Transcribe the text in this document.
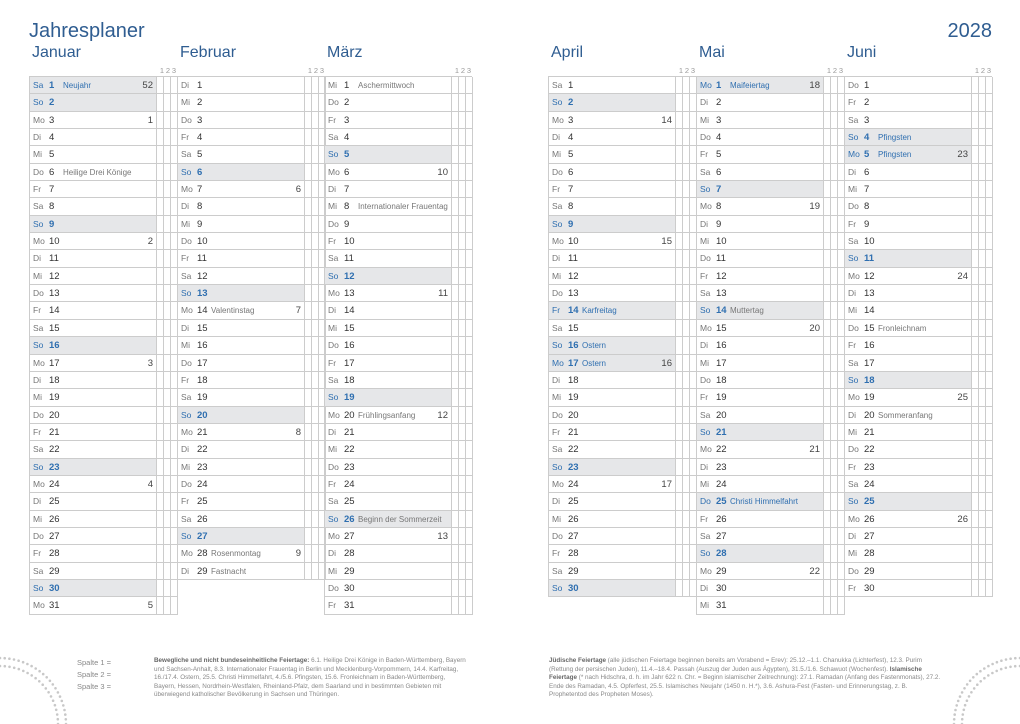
Jahresplaner	2028
Januar
1 2 3
Sa 1 Neujahr	52
So 2
Mo 3	1
Di 4
Mi 5
Do 6 Heilige Drei Könige
Fr 7
Sa 8
So 9
Mo 10	2
Di 11
Mi 12
Do 13
Fr 14
Sa 15
So 16
Mo 17	3
Di 18
Mi 19
Do 20
Fr 21
Sa 22
So 23
Mo 24	4
Di 25
Mi 26
Do 27
Fr 28
Sa 29
So 30
Mo 31	5
Februar
1 2 3
Di 1
Mi 2
Do 3
Fr 4
Sa 5
So 6
Mo 7	6
Di 8
Mi 9
Do 10
Fr 11
Sa 12
So 13
Mo 14 Valentinstag	7
Di 15
Mi 16
Do 17
Fr 18
Sa 19
So 20
Mo 21	8
Di 22
Mi 23
Do 24
Fr 25
Sa 26
So 27
Mo 28 Rosenmontag	9
Di 29 Fastnacht
März
1 2 3
Mi 1 Aschermittwoch
Do 2
Fr 3
Sa 4
So 5
Mo 6	10
Di 7
Mi 8 Internationaler Frauentag
Do 9
Fr 10
Sa 11
So 12
Mo 13	11
Di 14
Mi 15
Do 16
Fr 17
Sa 18
So 19
Mo 20 Frühlingsanfang 12
Di 21
Mi 22
Do 23
Fr 24
Sa 25
So 26 Beginn der Sommerzeit
Mo 27	13
Di 28
Mi 29
Do 30
Fr 31
April
1 2 3
Sa 1
So 2
Mo 3	14
Di 4
Mi 5
Do 6
Fr 7
Sa 8
So 9
Mo 10	15
Di 11
Mi 12
Do 13
Fr 14 Karfreitag
Sa 15
So 16 Ostern
Mo 17 Ostern	16
Di 18
Mi 19
Do 20
Fr 21
Sa 22
So 23
Mo 24	17
Di 25
Mi 26
Do 27
Fr 28
Sa 29
So 30
Mai
1 2 3
Mo 1 Maifeiertag	18
Di 2
Mi 3
Do 4
Fr 5
Sa 6
So 7
Mo 8	19
Di 9
Mi 10
Do 11
Fr 12
Sa 13
So 14 Muttertag
Mo 15	20
Di 16
Mi 17
Do 18
Fr 19
Sa 20
So 21
Mo 22	21
Di 23
Mi 24
Do 25 Christi Himmelfahrt
Fr 26
Sa 27
So 28
Mo 29	22
Di 30
Mi 31
Juni
1 2 3
Do 1
Fr 2
Sa 3
So 4 Pfingsten
Mo 5 Pfingsten	23
Di 6
Mi 7
Do 8
Fr 9
Sa 10
So 11
Mo 12	24
Di 13
Mi 14
Do 15 Fronleichnam
Fr 16
Sa 17
So 18
Mo 19	25
Di 20 Sommeranfang
Mi 21
Do 22
Fr 23
Sa 24
So 25
Mo 26	26
Di 27
Mi 28
Do 29
Fr 30
Spalte 1 =
Spalte 2 =
Spalte 3 =
Bewegliche und nicht bundeseinheitliche Feiertage: 6.1. Heilige Drei Könige in Baden-Württemberg, Bayern und Sachsen-Anhalt, 8.3. Internationaler Frauentag in Berlin und Mecklenburg-Vorpommern, 14.4. Karfreitag, 16./17.4. Ostern, 25.5. Christi Himmelfahrt, 4./5.6. Pfingsten, 15.6. Fronleichnam in Baden-Württemberg, Bayern, Hessen, Nordrhein-Westfalen, Rheinland-Pfalz, dem Saarland und in bestimmten Gebieten mit überwiegend katholischer Bevölkerung in Sachsen und Thüringen.
Jüdische Feiertage (alle jüdischen Feiertage beginnen bereits am Vorabend = Erev): 25.12.–1.1. Chanukka (Lichterfest), 12.3. Purim (Rettung der persischen Juden), 11.4.–18.4. Passah (Auszug der Juden aus Ägypten), 31.5./1.6. Schawuot (Wochenfest). Islamische Feiertage (* nach Hidschra, d. h. im Jahr 622 n. Chr. = Beginn islamischer Zeitrechnung): 27.1. Ramadan (Anfang des Fastenmonats), 27.2. Ende des Ramadan, 4.5. Opferfest, 25.5. Islamisches Neujahr (1450 n. H.*), 3.6. Ashura-Fest (Fasten- und Erinnerungstag, z. B. Prophetentod des Propheten Moses).
